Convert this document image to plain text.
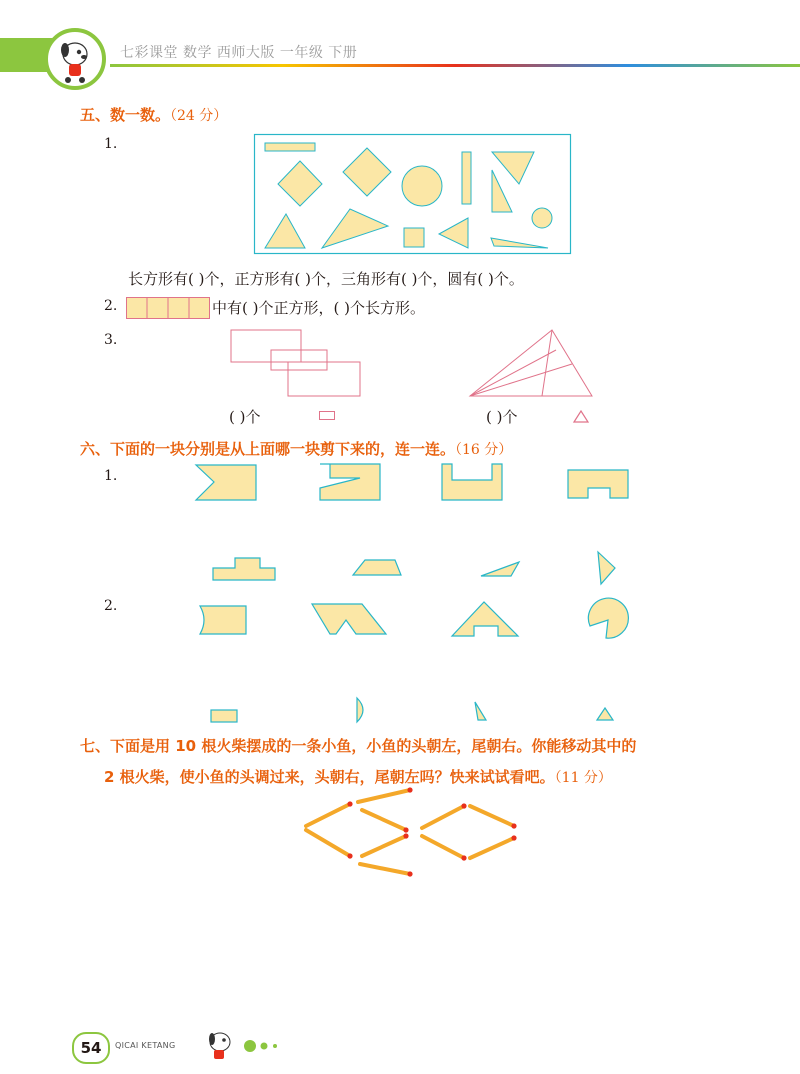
七彩课堂 数学 西师大版 一年级 下册
五、数一数。（24 分）
1.
长方形有( )个，正方形有( )个，三角形有( )个，圆有( )个。
2.	中有( )个正方形，( )个长方形。
3.
( )个	( )个
六、下面的一块分别是从上面哪一块剪下来的，连一连。（16 分）
1.
2.
七、下面是用 10 根火柴摆成的一条小鱼，小鱼的头朝左，尾朝右。你能移动其中的
2 根火柴，使小鱼的头调过来，头朝右，尾朝左吗？快来试试看吧。（11 分）
54	QICAI KETANG
